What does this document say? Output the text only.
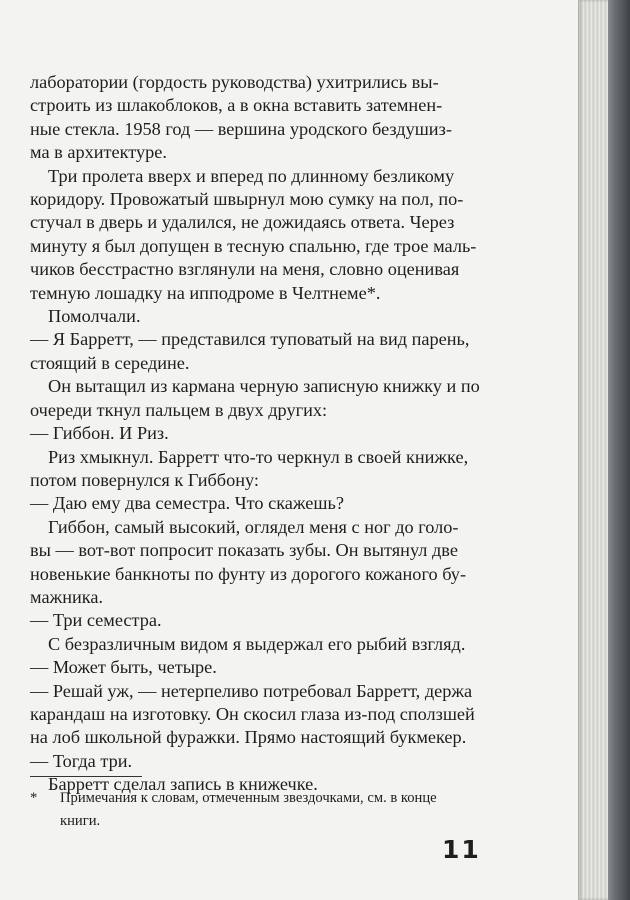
лаборатории (гордость руководства) ухитрились вы-
строить из шлакоблоков, а в окна вставить затемнен-
ные стекла. 1958 год — вершина уродского бездушиз-
ма в архитектуре.
Три пролета вверх и вперед по длинному безликому
коридору. Провожатый швырнул мою сумку на пол, по-
стучал в дверь и удалился, не дожидаясь ответа. Через
минуту я был допущен в тесную спальню, где трое маль-
чиков бесстрастно взглянули на меня, словно оценивая
темную лошадку на ипподроме в Челтнеме*.
Помолчали.
— Я Барретт, — представился туповатый на вид парень,
стоящий в середине.
Он вытащил из кармана черную записную книжку и по
очереди ткнул пальцем в двух других:
— Гиббон. И Риз.
Риз хмыкнул. Барретт что-то черкнул в своей книжке,
потом повернулся к Гиббону:
— Даю ему два семестра. Что скажешь?
Гиббон, самый высокий, оглядел меня с ног до голо-
вы — вот-вот попросит показать зубы. Он вытянул две
новенькие банкноты по фунту из дорогого кожаного бу-
мажника.
— Три семестра.
С безразличным видом я выдержал его рыбий взгляд.
— Может быть, четыре.
— Решай уж, — нетерпеливо потребовал Барретт, держа
карандаш на изготовку. Он скосил глаза из-под сползшей
на лоб школьной фуражки. Прямо настоящий букмекер.
— Тогда три.
Барретт сделал запись в книжечке.
* Примечания к словам, отмеченным звездочками, см. в конце
книги.
11
